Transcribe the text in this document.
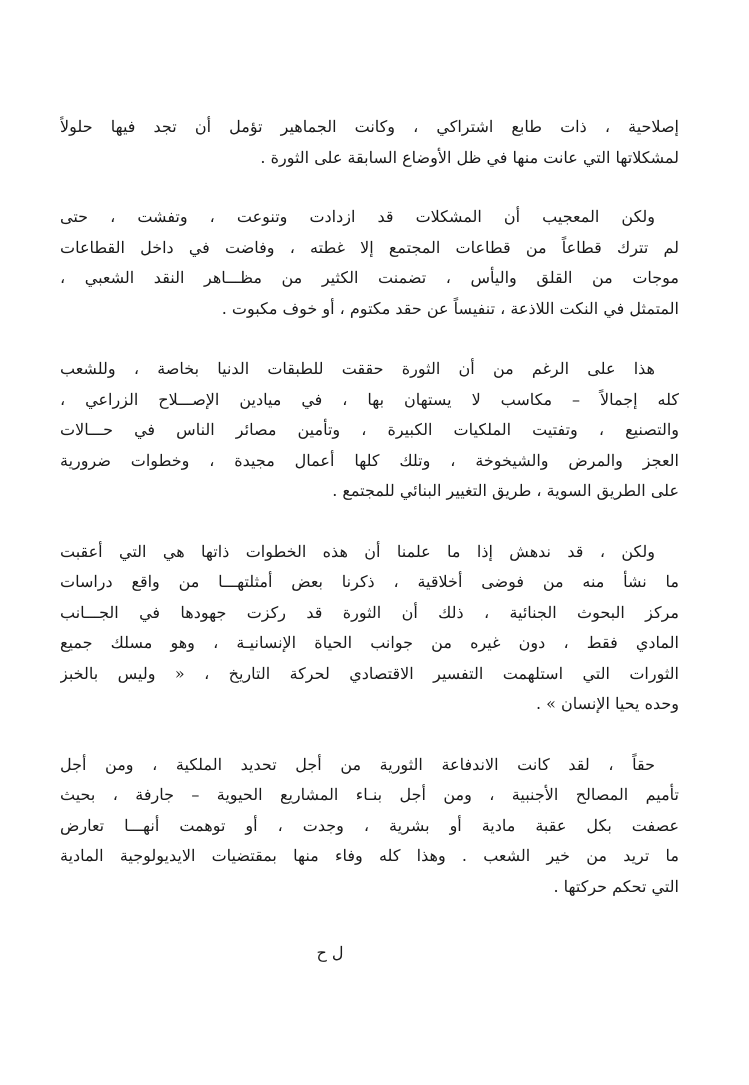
إصلاحية ، ذات طابع اشتراكي ، وكانت الجماهير تؤمل أن تجد فيها حلولاً
لمشكلاتها التي عانت منها في ظل الأوضاع السابقة على الثورة .
ولكن المعجيب أن المشكلات قد ازدادت وتنوعت ، وتفشت ، حتى
لم تترك قطاعاً من قطاعات المجتمع إلا غطته ، وفاضت في داخل القطاعات
موجات من القلق واليأس ، تضمنت الكثير من مظـــاهر النقد الشعبي ،
المتمثل في النكت اللاذعة ، تنفيساً عن حقد مكتوم ، أو خوف مكبوت .
هذا على الرغم من أن الثورة حققت للطبقات الدنيا بخاصة ، وللشعب
كله إجمالاً – مكاسب لا يستهان بها ، في ميادين الإصـــلاح الزراعي ،
والتصنيع ، وتفتيت الملكيات الكبيرة ، وتأمين مصائر الناس في حـــالات
العجز والمرض والشيخوخة ، وتلك كلها أعمال مجيدة ، وخطوات ضرورية
على الطريق السوية ، طريق التغيير البنائي للمجتمع .
ولكن ، قد ندهش إذا ما علمنا أن هذه الخطوات ذاتها هي التي أعقبت
ما نشأ منه من فوضى أخلاقية ، ذكرنا بعض أمثلتهـــا من واقع دراسات
مركز البحوث الجنائية ، ذلك أن الثورة قد ركزت جهودها في الجـــانب
المادي فقط ، دون غيره من جوانب الحياة الإنسانيـة ، وهو مسلك جميع
الثورات التي استلهمت التفسير الاقتصادي لحركة التاريخ ، « وليس بالخبز
وحده يحيا الإنسان » .
حقاً ، لقد كانت الاندفاعة الثورية من أجل تحديد الملكية ، ومن أجل
تأميم المصالح الأجنبية ، ومن أجل بنـاء المشاريع الحيوية – جارفة ، بحيث
عصفت بكل عقبة مادية أو بشرية ، وجدت ، أو توهمت أنهـــا تعارض
ما تريد من خير الشعب . وهذا كله وفاء منها بمقتضيات الايديولوجية المادية
التي تحكم حركتها .
ل ح
